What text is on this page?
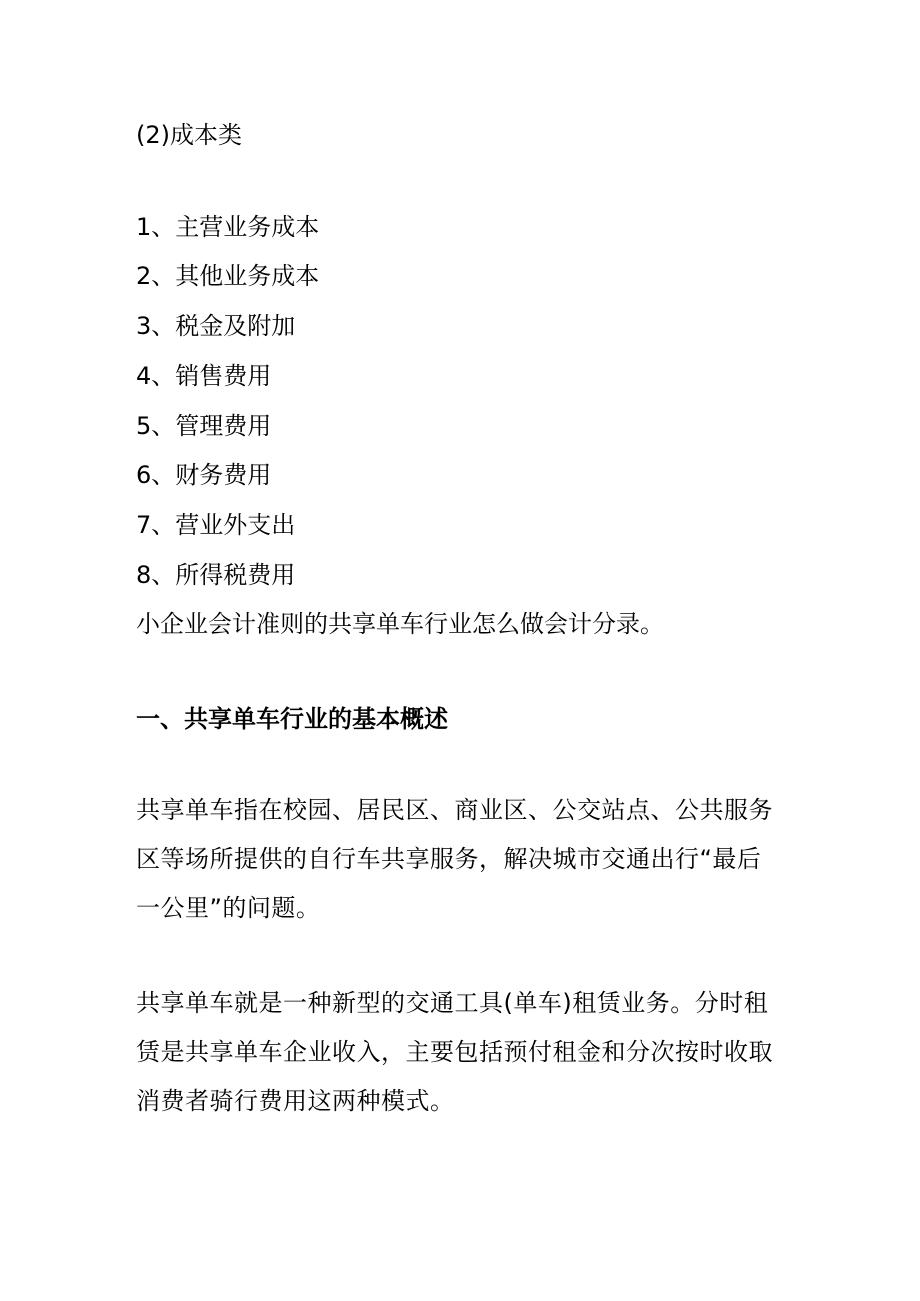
(2)成本类
1、主营业务成本
2、其他业务成本
3、税金及附加
4、销售费用
5、管理费用
6、财务费用
7、营业外支出
8、所得税费用
小企业会计准则的共享单车行业怎么做会计分录。
一、共享单车行业的基本概述
共享单车指在校园、居民区、商业区、公交站点、公共服务
区等场所提供的自行车共享服务，解决城市交通出行“最后
一公里”的问题。
共享单车就是一种新型的交通工具(单车)租赁业务。分时租
赁是共享单车企业收入，主要包括预付租金和分次按时收取
消费者骑行费用这两种模式。
